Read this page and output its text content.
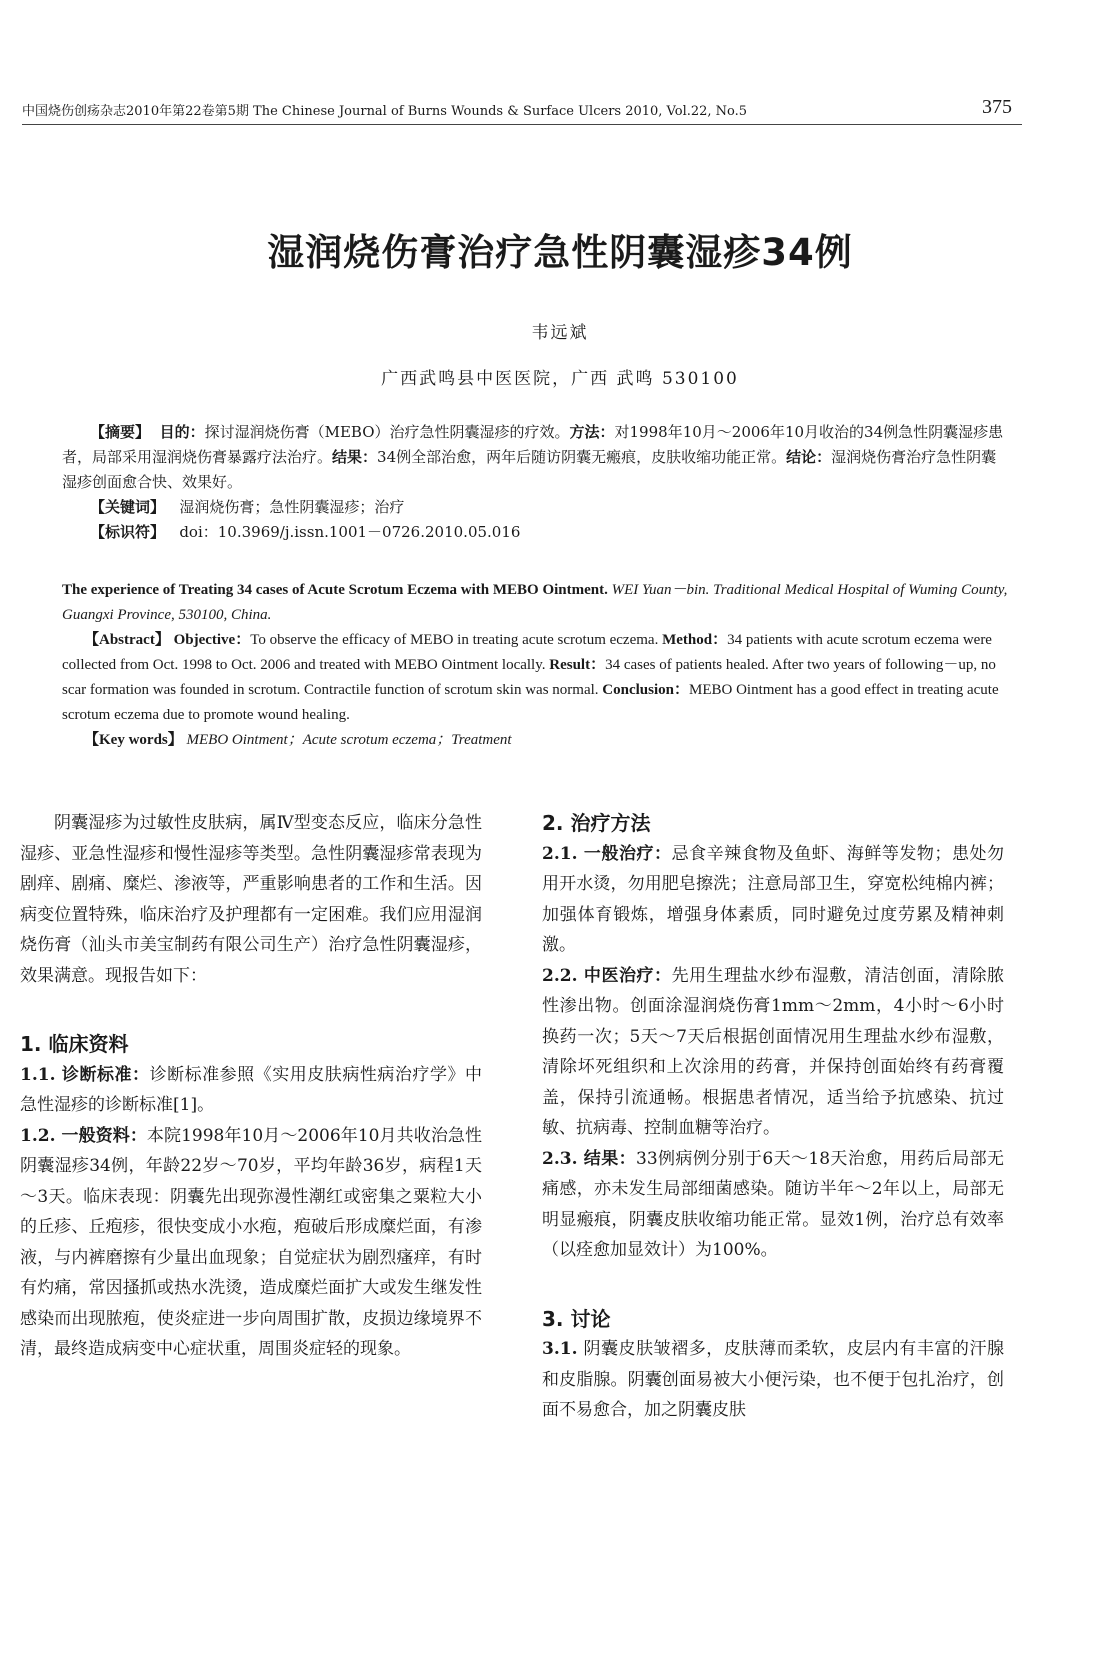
中国烧伤创疡杂志2010年第22卷第5期 The Chinese Journal of Burns Wounds & Surface Ulcers 2010, Vol.22, No.5	375
湿润烧伤膏治疗急性阴囊湿疹34例
韦远斌
广西武鸣县中医医院，广西 武鸣 530100

【摘要】 目的：探讨湿润烧伤膏（MEBO）治疗急性阴囊湿疹的疗效。方法：对1998年10月～2006年10月收治的34例急性阴囊湿疹患者，局部采用湿润烧伤膏暴露疗法治疗。结果：34例全部治愈，两年后随访阴囊无瘢痕，皮肤收缩功能正常。结论：湿润烧伤膏治疗急性阴囊湿疹创面愈合快、效果好。

【关键词】 湿润烧伤膏；急性阴囊湿疹；治疗

【标识符】 doi：10.3969/j.issn.1001－0726.2010.05.016

The experience of Treating 34 cases of Acute Scrotum Eczema with MEBO Ointment. WEI Yuan－bin. Traditional Medical Hospital of Wuming County, Guangxi Province, 530100, China.

【Abstract】 Objective：To observe the efficacy of MEBO in treating acute scrotum eczema. Method：34 patients with acute scrotum eczema were collected from Oct. 1998 to Oct. 2006 and treated with MEBO Ointment locally. Result：34 cases of patients healed. After two years of following－up, no scar formation was founded in scrotum. Contractile function of scrotum skin was normal. Conclusion：MEBO Ointment has a good effect in treating acute scrotum eczema due to promote wound healing.

【Key words】 MEBO Ointment；Acute scrotum eczema；Treatment

阴囊湿疹为过敏性皮肤病，属Ⅳ型变态反应，临床分急性湿疹、亚急性湿疹和慢性湿疹等类型。急性阴囊湿疹常表现为剧痒、剧痛、糜烂、渗液等，严重影响患者的工作和生活。因病变位置特殊，临床治疗及护理都有一定困难。我们应用湿润烧伤膏（汕头市美宝制药有限公司生产）治疗急性阴囊湿疹，效果满意。现报告如下：

1. 临床资料

1.1. 诊断标准：诊断标准参照《实用皮肤病性病治疗学》中急性湿疹的诊断标准[1]。

1.2. 一般资料：本院1998年10月～2006年10月共收治急性阴囊湿疹34例，年龄22岁～70岁，平均年龄36岁，病程1天～3天。临床表现：阴囊先出现弥漫性潮红或密集之粟粒大小的丘疹、丘疱疹，很快变成小水疱，疱破后形成糜烂面，有渗液，与内裤磨擦有少量出血现象；自觉症状为剧烈瘙痒，有时有灼痛，常因搔抓或热水洗烫，造成糜烂面扩大或发生继发性感染而出现脓疱，使炎症进一步向周围扩散，皮损边缘境界不清，最终造成病变中心症状重，周围炎症轻的现象。

2. 治疗方法

2.1. 一般治疗：忌食辛辣食物及鱼虾、海鲜等发物；患处勿用开水烫，勿用肥皂擦洗；注意局部卫生，穿宽松纯棉内裤；加强体育锻炼，增强身体素质，同时避免过度劳累及精神刺激。

2.2. 中医治疗：先用生理盐水纱布湿敷，清洁创面，清除脓性渗出物。创面涂湿润烧伤膏1mm～2mm，4小时～6小时换药一次；5天～7天后根据创面情况用生理盐水纱布湿敷，清除坏死组织和上次涂用的药膏，并保持创面始终有药膏覆盖，保持引流通畅。根据患者情况，适当给予抗感染、抗过敏、抗病毒、控制血糖等治疗。

2.3. 结果：33例病例分别于6天～18天治愈，用药后局部无痛感，亦未发生局部细菌感染。随访半年～2年以上，局部无明显瘢痕，阴囊皮肤收缩功能正常。显效1例，治疗总有效率（以痊愈加显效计）为100%。

3. 讨论

3.1. 阴囊皮肤皱褶多，皮肤薄而柔软，皮层内有丰富的汗腺和皮脂腺。阴囊创面易被大小便污染，也不便于包扎治疗，创面不易愈合，加之阴囊皮肤
